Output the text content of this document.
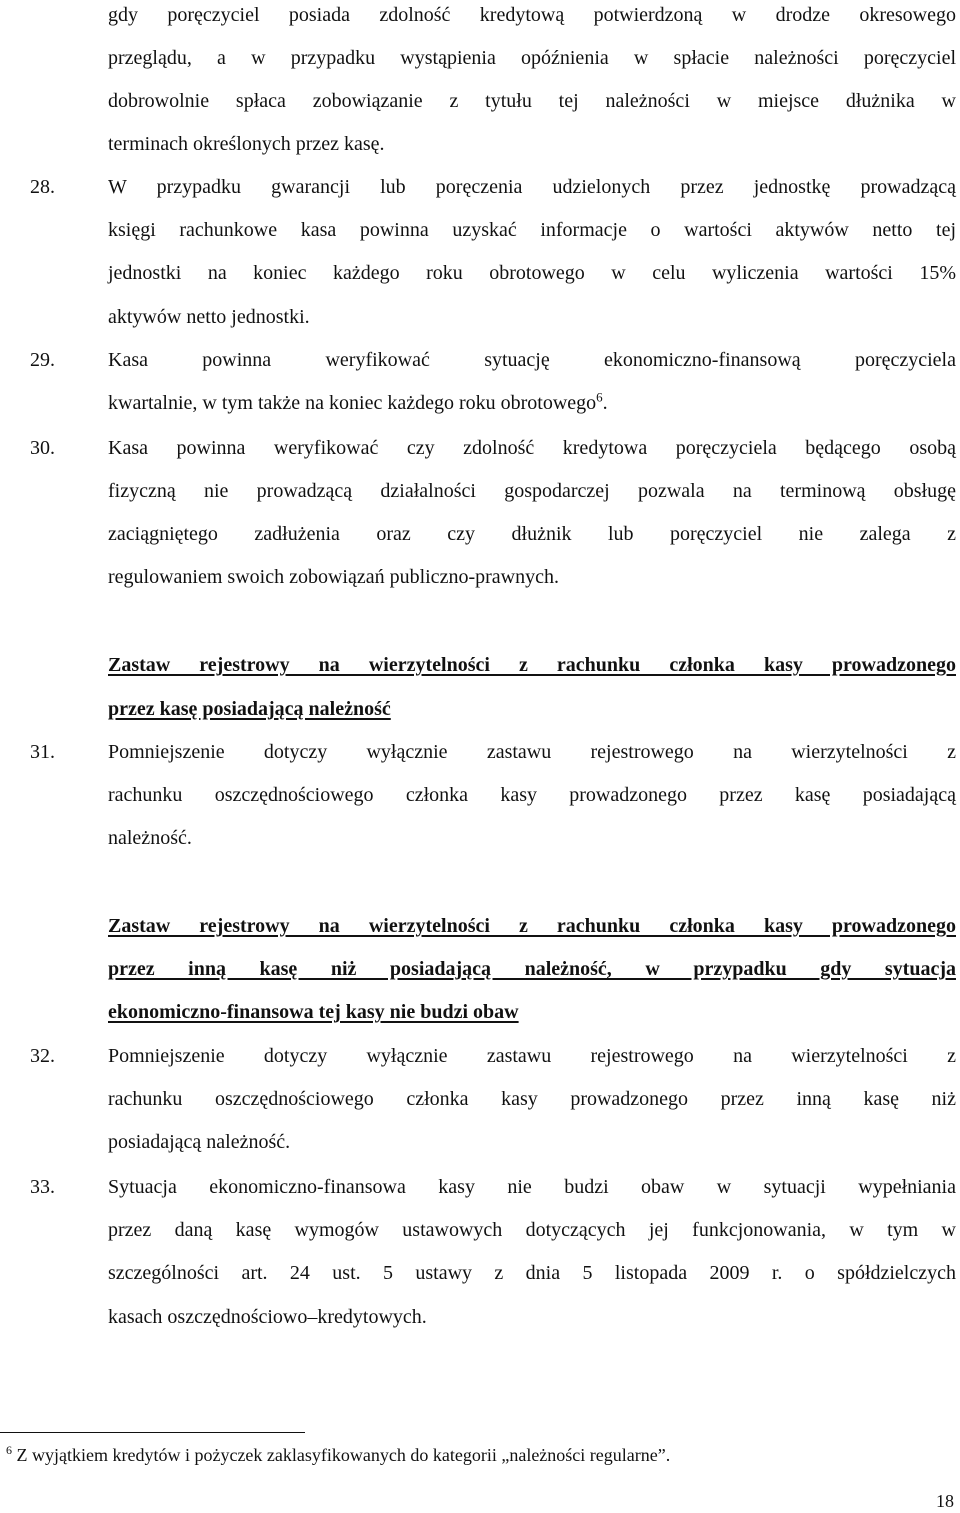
gdy poręczyciel posiada zdolność kredytową potwierdzoną w drodze okresowego
przeglądu, a w przypadku wystąpienia opóźnienia w spłacie należności poręczyciel
dobrowolnie spłaca zobowiązanie z tytułu tej należności w miejsce dłużnika w
terminach określonych przez kasę.
28.	W przypadku gwarancji lub poręczenia udzielonych przez jednostkę prowadzącą
księgi rachunkowe kasa powinna uzyskać informacje o wartości aktywów netto tej
jednostki na koniec każdego roku obrotowego w celu wyliczenia wartości 15%
aktywów netto jednostki.
29.	Kasa powinna weryfikować sytuację ekonomiczno-finansową poręczyciela
kwartalnie, w tym także na koniec każdego roku obrotowego$^6$.
30.	Kasa powinna weryfikować czy zdolność kredytowa poręczyciela będącego osobą
fizyczną nie prowadzącą działalności gospodarczej pozwala na terminową obsługę
zaciągniętego zadłużenia oraz czy dłużnik lub poręczyciel nie zalega z
regulowaniem swoich zobowiązań publiczno-prawnych.
Zastaw rejestrowy na wierzytelności z rachunku członka kasy prowadzonego
przez kasę posiadającą należność
31.	Pomniejszenie dotyczy wyłącznie zastawu rejestrowego na wierzytelności z
rachunku oszczędnościowego członka kasy prowadzonego przez kasę posiadającą
należność.
Zastaw rejestrowy na wierzytelności z rachunku członka kasy prowadzonego
przez inną kasę niż posiadającą należność, w przypadku gdy sytuacja
ekonomiczno-finansowa tej kasy nie budzi obaw
32.	Pomniejszenie dotyczy wyłącznie zastawu rejestrowego na wierzytelności z
rachunku oszczędnościowego członka kasy prowadzonego przez inną kasę niż
posiadającą należność.
33.	Sytuacja ekonomiczno-finansowa kasy nie budzi obaw w sytuacji wypełniania
przez daną kasę wymogów ustawowych dotyczących jej funkcjonowania, w tym w
szczególności art. 24 ust. 5 ustawy z dnia 5 listopada 2009 r. o spółdzielczych
kasach oszczędnościowo–kredytowych.
$^6$ Z wyjątkiem kredytów i pożyczek zaklasyfikowanych do kategorii „należności regularne”.
18
